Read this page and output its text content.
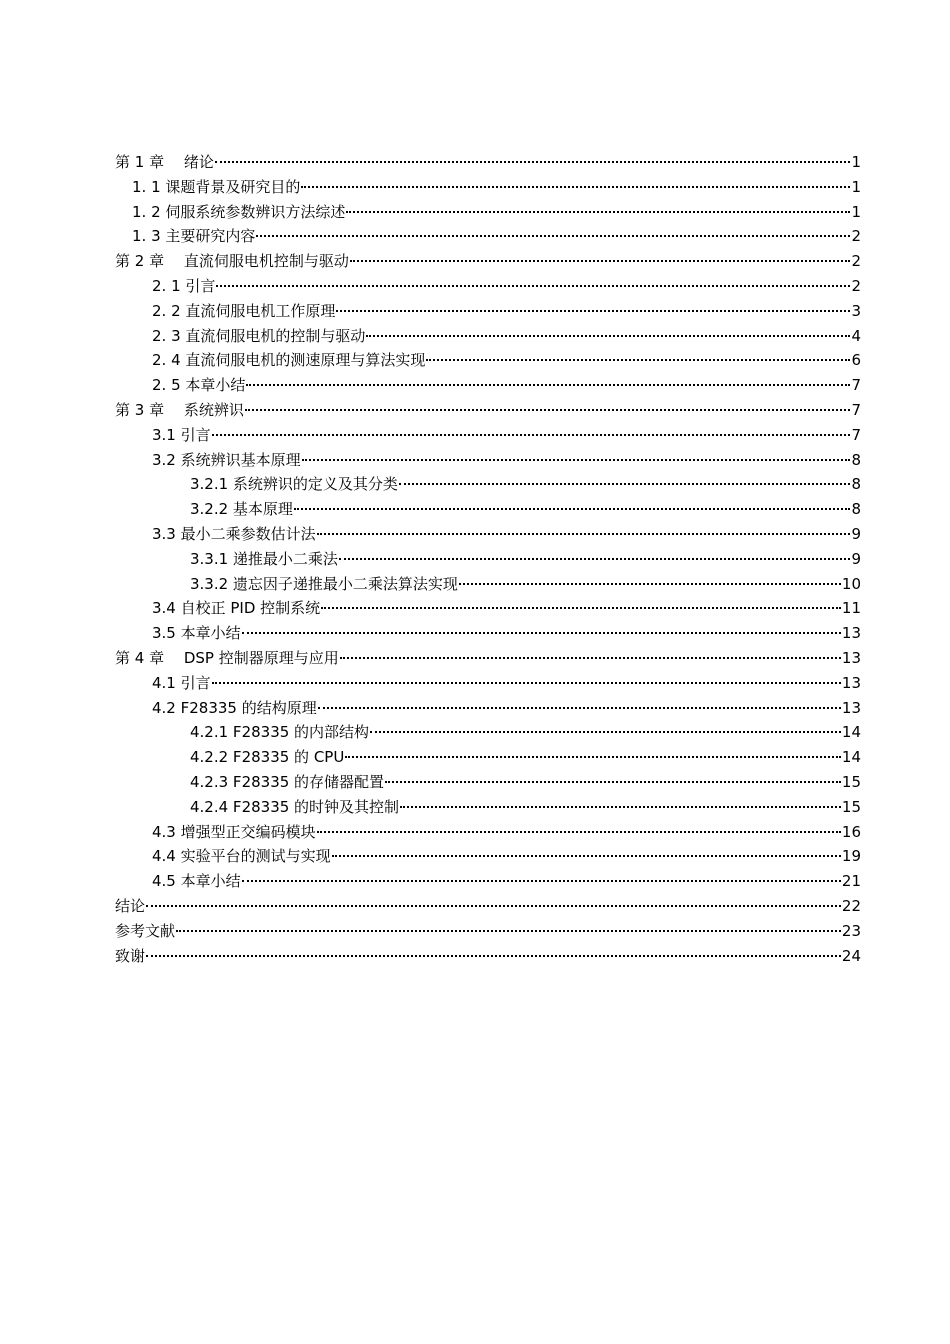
第 1 章　 绪论	1
1. 1 课题背景及研究目的	1
1. 2 伺服系统参数辨识方法综述	1
1. 3 主要研究内容	2
第 2 章　 直流伺服电机控制与驱动	2
2. 1 引言	2
2. 2 直流伺服电机工作原理	3
2. 3 直流伺服电机的控制与驱动	4
2. 4 直流伺服电机的测速原理与算法实现	6
2. 5 本章小结	7
第 3 章　 系统辨识	7
3.1 引言	7
3.2 系统辨识基本原理	8
3.2.1 系统辨识的定义及其分类	8
3.2.2 基本原理	8
3.3 最小二乘参数估计法	9
3.3.1 递推最小二乘法	9
3.3.2 遗忘因子递推最小二乘法算法实现	10
3.4 自校正 PID 控制系统	11
3.5 本章小结	13
第 4 章　 DSP 控制器原理与应用	13
4.1 引言	13
4.2 F28335 的结构原理	13
4.2.1 F28335 的内部结构	14
4.2.2 F28335 的 CPU	14
4.2.3 F28335 的存储器配置	15
4.2.4 F28335 的时钟及其控制	15
4.3 增强型正交编码模块	16
4.4 实验平台的测试与实现	19
4.5 本章小结	21
结论	22
参考文献	23
致谢	24
